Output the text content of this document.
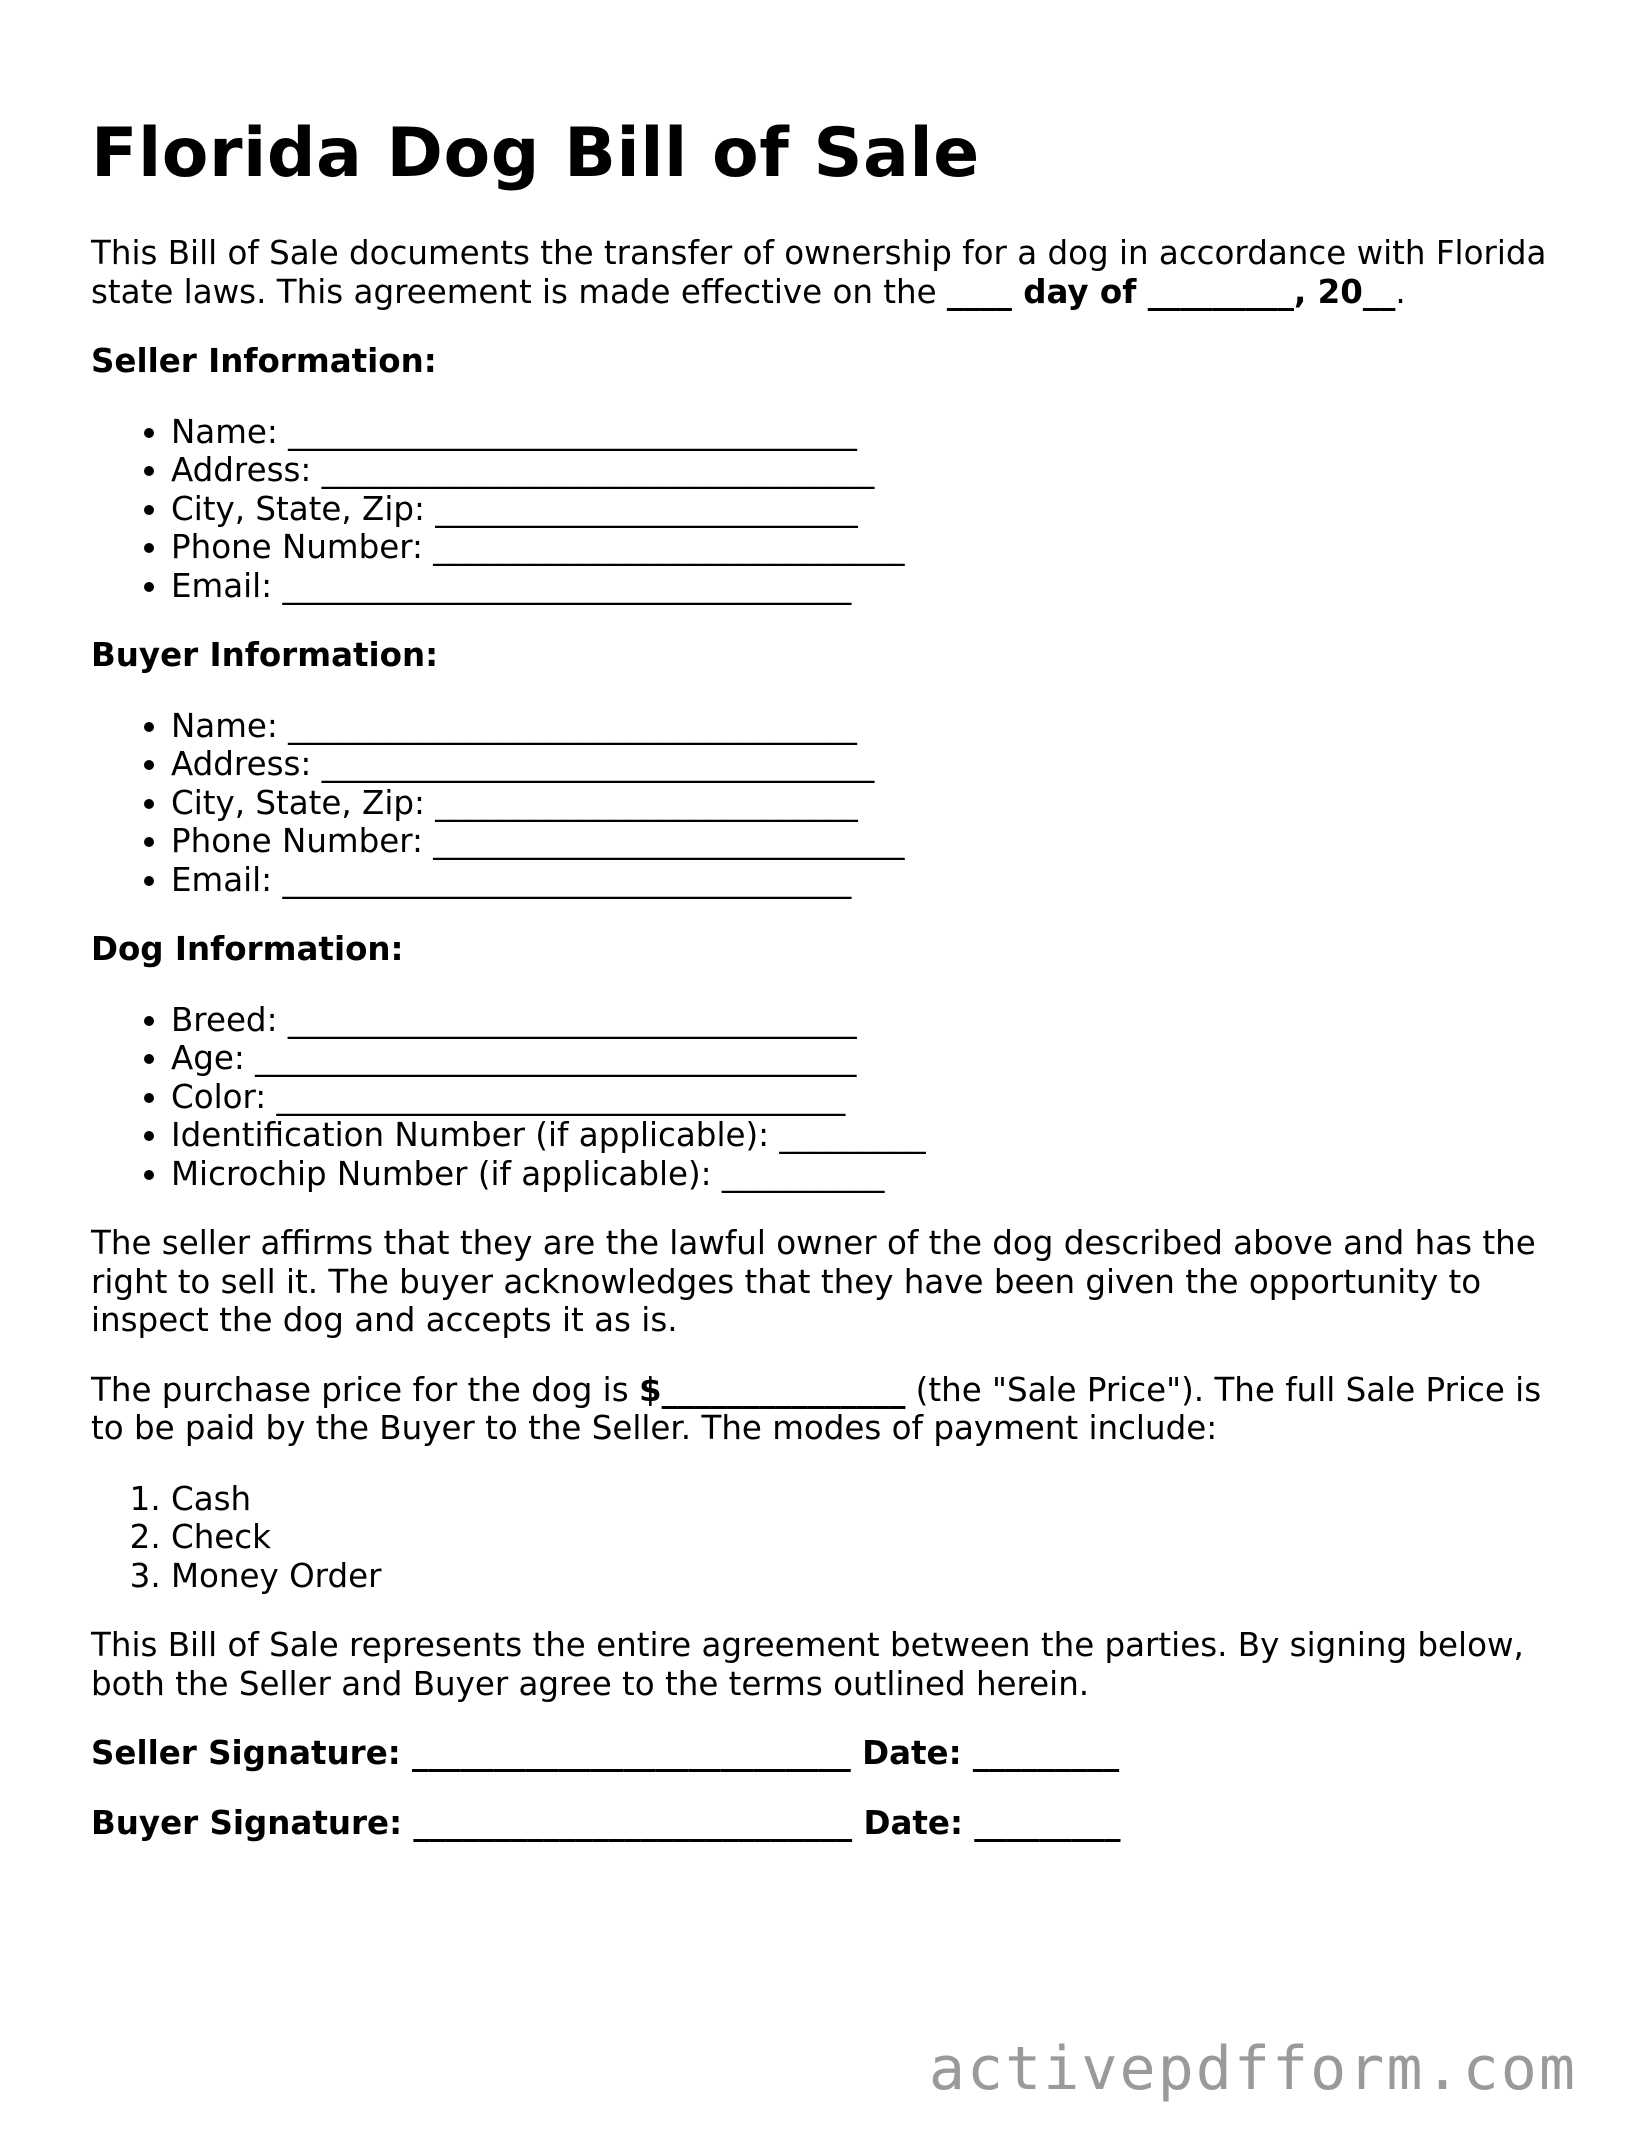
Florida Dog Bill of Sale

This Bill of Sale documents the transfer of ownership for a dog in accordance with Florida state laws. This agreement is made effective on the ____ day of _________, 20__.

Seller Information:
• Name: ___________________________________
• Address: __________________________________
• City, State, Zip: __________________________
• Phone Number: _____________________________
• Email: ___________________________________
Buyer Information:
• Name: ___________________________________
• Address: __________________________________
• City, State, Zip: __________________________
• Phone Number: _____________________________
• Email: ___________________________________
Dog Information:
• Breed: ___________________________________
• Age: _____________________________________
• Color: ___________________________________
• Identification Number (if applicable): _________
• Microchip Number (if applicable): __________

The seller affirms that they are the lawful owner of the dog described above and has the right to sell it. The buyer acknowledges that they have been given the opportunity to inspect the dog and accepts it as is.

The purchase price for the dog is $_______________ (the "Sale Price"). The full Sale Price is to be paid by the Buyer to the Seller. The modes of payment include:

1. Cash
2. Check
3. Money Order

This Bill of Sale represents the entire agreement between the parties. By signing below, both the Seller and Buyer agree to the terms outlined herein.

Seller Signature: ___________________________ Date: _________

Buyer Signature: ___________________________ Date: _________

activepdfform.com
